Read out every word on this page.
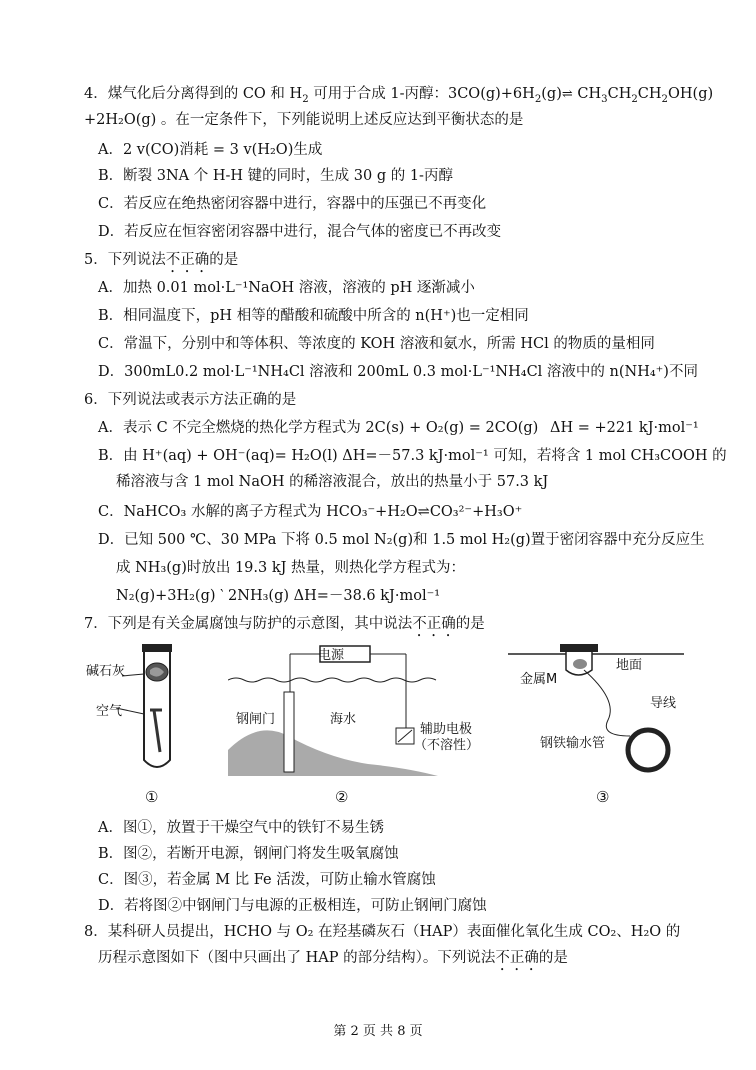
4．煤气化后分离得到的 CO 和 $H_2$ 可用于合成 1-丙醇：$3CO(g)+6H_2(g)\rightleftharpoons$ $CH_3CH_2CH_2OH(g)$
+2H₂O(g) 。在一定条件下，下列能说明上述反应达到平衡状态的是
A．2 v(CO)消耗 = 3 v(H₂O)生成
B．断裂 3NA 个 H-H 键的同时，生成 30 g 的 1-丙醇
C．若反应在绝热密闭容器中进行，容器中的压强已不再变化
D．若反应在恒容密闭容器中进行，混合气体的密度已不再改变
5．下列说法不正确的是
A．加热 0.01 mol·L⁻¹NaOH 溶液，溶液的 pH 逐渐减小
B．相同温度下，pH 相等的醋酸和硫酸中所含的 n(H⁺)也一定相同
C．常温下，分别中和等体积、等浓度的 KOH 溶液和氨水，所需 HCl 的物质的量相同
D．300mL0.2 mol·L⁻¹NH₄Cl 溶液和 200mL 0.3 mol·L⁻¹NH₄Cl 溶液中的 n(NH₄⁺)不同
6．下列说法或表示方法正确的是
A．表示 C 不完全燃烧的热化学方程式为 2C(s) + O₂(g) = 2CO(g) ΔH = +221 kJ·mol⁻¹
B．由 H⁺(aq) + OH⁻(aq)= H₂O(l) ΔH=－57.3 kJ·mol⁻¹ 可知，若将含 1 mol CH₃COOH 的
稀溶液与含 1 mol NaOH 的稀溶液混合，放出的热量小于 57.3 kJ
C．NaHCO₃ 水解的离子方程式为 HCO₃⁻+H₂O⇌CO₃²⁻+H₃O⁺
D．已知 500 ℃、30 MPa 下将 0.5 mol N₂(g)和 1.5 mol H₂(g)置于密闭容器中充分反应生
成 NH₃(g)时放出 19.3 kJ 热量，则热化学方程式为：
N₂(g)+3H₂(g) ‵ 2NH₃(g) ΔH=－38.6 kJ·mol⁻¹
7．下列是有关金属腐蚀与防护的示意图，其中说法不正确的是
碱石灰
空气
①
电源
钢闸门	海水
辅助电极
（不溶性）
②
金属M
地面
导线
钢铁输水管
③
A．图①，放置于干燥空气中的铁钉不易生锈
B．图②，若断开电源，钢闸门将发生吸氧腐蚀
C．图③，若金属 M 比 Fe 活泼，可防止输水管腐蚀
D．若将图②中钢闸门与电源的正极相连，可防止钢闸门腐蚀
8．某科研人员提出，HCHO 与 O₂ 在羟基磷灰石（HAP）表面催化氧化生成 CO₂、H₂O 的
历程示意图如下（图中只画出了 HAP 的部分结构）。下列说法不正确的是
第 2 页 共 8 页
